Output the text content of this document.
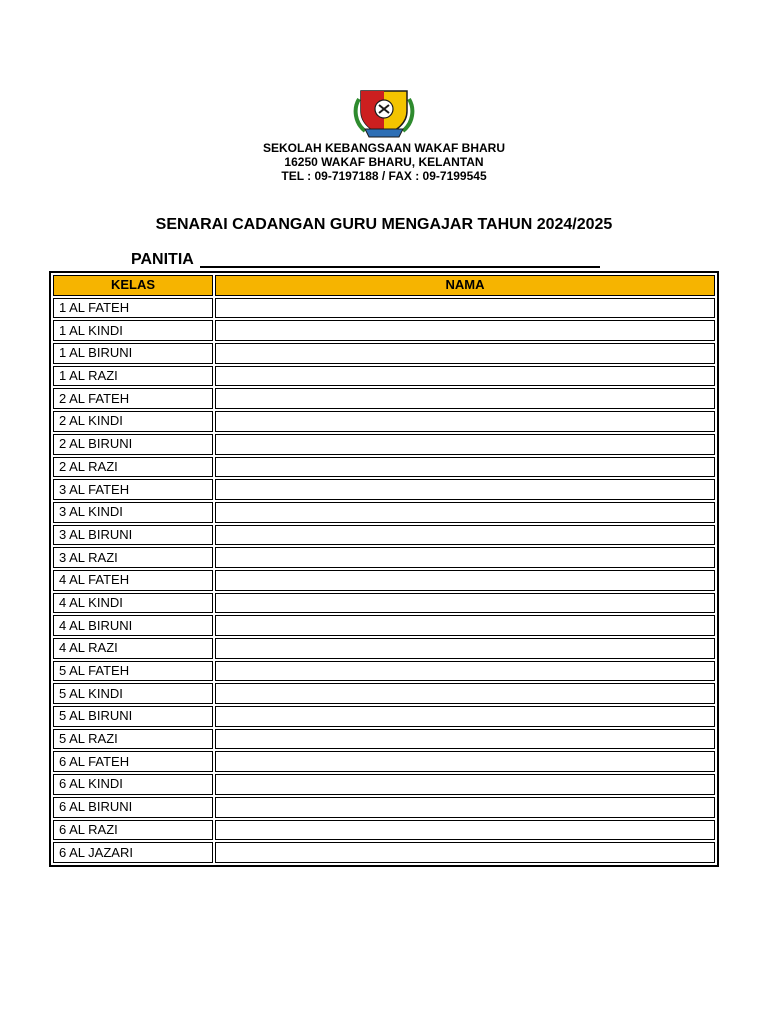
SEKOLAH KEBANGSAAN WAKAF BHARU
16250 WAKAF BHARU, KELANTAN
TEL : 09-7197188 / FAX : 09-7199545
SENARAI CADANGAN GURU MENGAJAR TAHUN 2024/2025
PANITIA
KELAS	NAMA
1 AL FATEH	
1 AL KINDI	
1 AL BIRUNI	
1 AL RAZI	
2 AL FATEH	
2 AL KINDI	
2 AL BIRUNI	
2 AL RAZI	
3 AL FATEH	
3 AL KINDI	
3 AL BIRUNI	
3 AL RAZI	
4 AL FATEH	
4 AL KINDI	
4 AL BIRUNI	
4 AL RAZI	
5 AL FATEH	
5 AL KINDI	
5 AL BIRUNI	
5 AL RAZI	
6 AL FATEH	
6 AL KINDI	
6 AL BIRUNI	
6 AL RAZI	
6 AL JAZARI	
